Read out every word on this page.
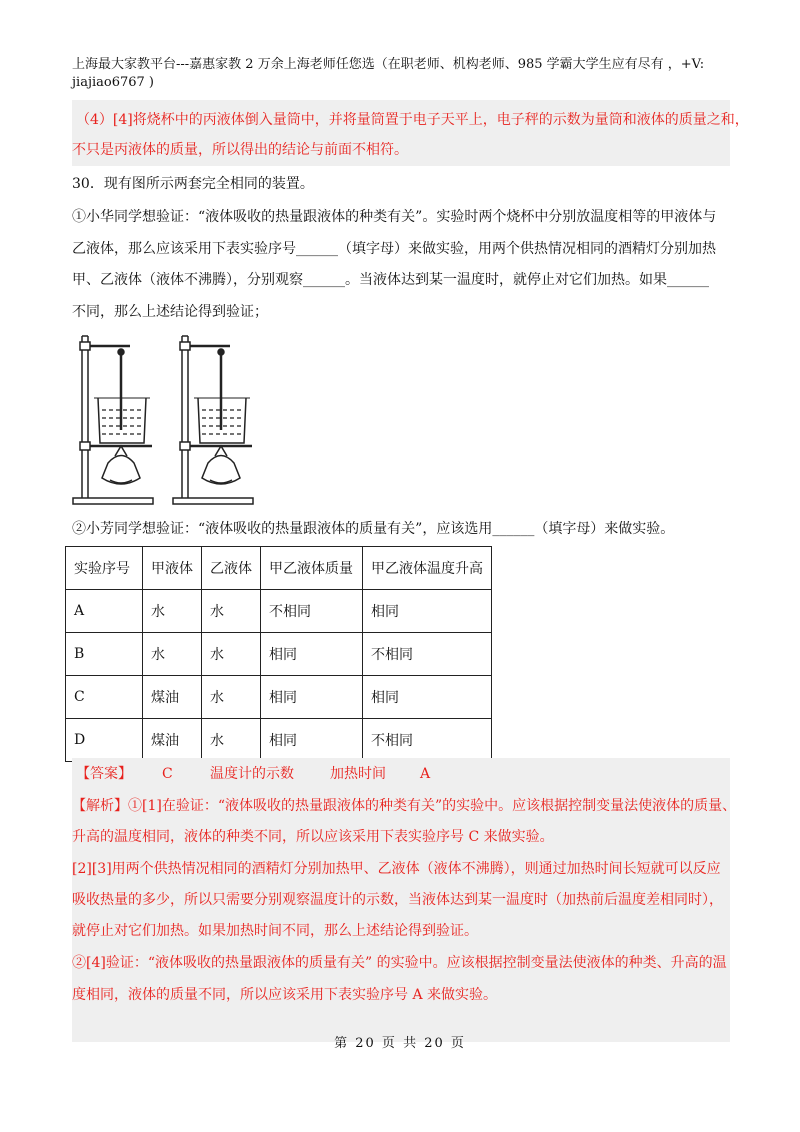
上海最大家教平台---嘉惠家教 2 万余上海老师任您选（在职老师、机构老师、985 学霸大学生应有尽有 ，+V:
jiajiao6767 )
（4）[4]将烧杯中的丙液体倒入量筒中，并将量筒置于电子天平上，电子秤的示数为量筒和液体的质量之和，
不只是丙液体的质量，所以得出的结论与前面不相符。
30．现有图所示两套完全相同的装置。
①小华同学想验证：“液体吸收的热量跟液体的种类有关”。实验时两个烧杯中分别放温度相等的甲液体与
乙液体，那么应该采用下表实验序号______（填字母）来做实验，用两个供热情况相同的酒精灯分别加热
甲、乙液体（液体不沸腾），分别观察______。当液体达到某一温度时，就停止对它们加热。如果______
不同，那么上述结论得到验证；
②小芳同学想验证：“液体吸收的热量跟液体的质量有关”，应该选用______（填字母）来做实验。
实验序号	甲液体	乙液体	甲乙液体质量	甲乙液体温度升高
A	水	水	不相同	相同
B	水	水	相同	不相同
C	煤油	水	相同	相同
D	煤油	水	相同	不相同
【答案】 C	温度计的示数	加热时间 A
【解析】①[1]在验证：“液体吸收的热量跟液体的种类有关”的实验中。应该根据控制变量法使液体的质量、
升高的温度相同，液体的种类不同，所以应该采用下表实验序号 C 来做实验。
[2][3]用两个供热情况相同的酒精灯分别加热甲、乙液体（液体不沸腾），则通过加热时间长短就可以反应
吸收热量的多少，所以只需要分别观察温度计的示数，当液体达到某一温度时（加热前后温度差相同时），
就停止对它们加热。如果加热时间不同，那么上述结论得到验证。
②[4]验证：“液体吸收的热量跟液体的质量有关” 的实验中。应该根据控制变量法使液体的种类、升高的温
度相同，液体的质量不同，所以应该采用下表实验序号 A 来做实验。
第 20 页 共 20 页
